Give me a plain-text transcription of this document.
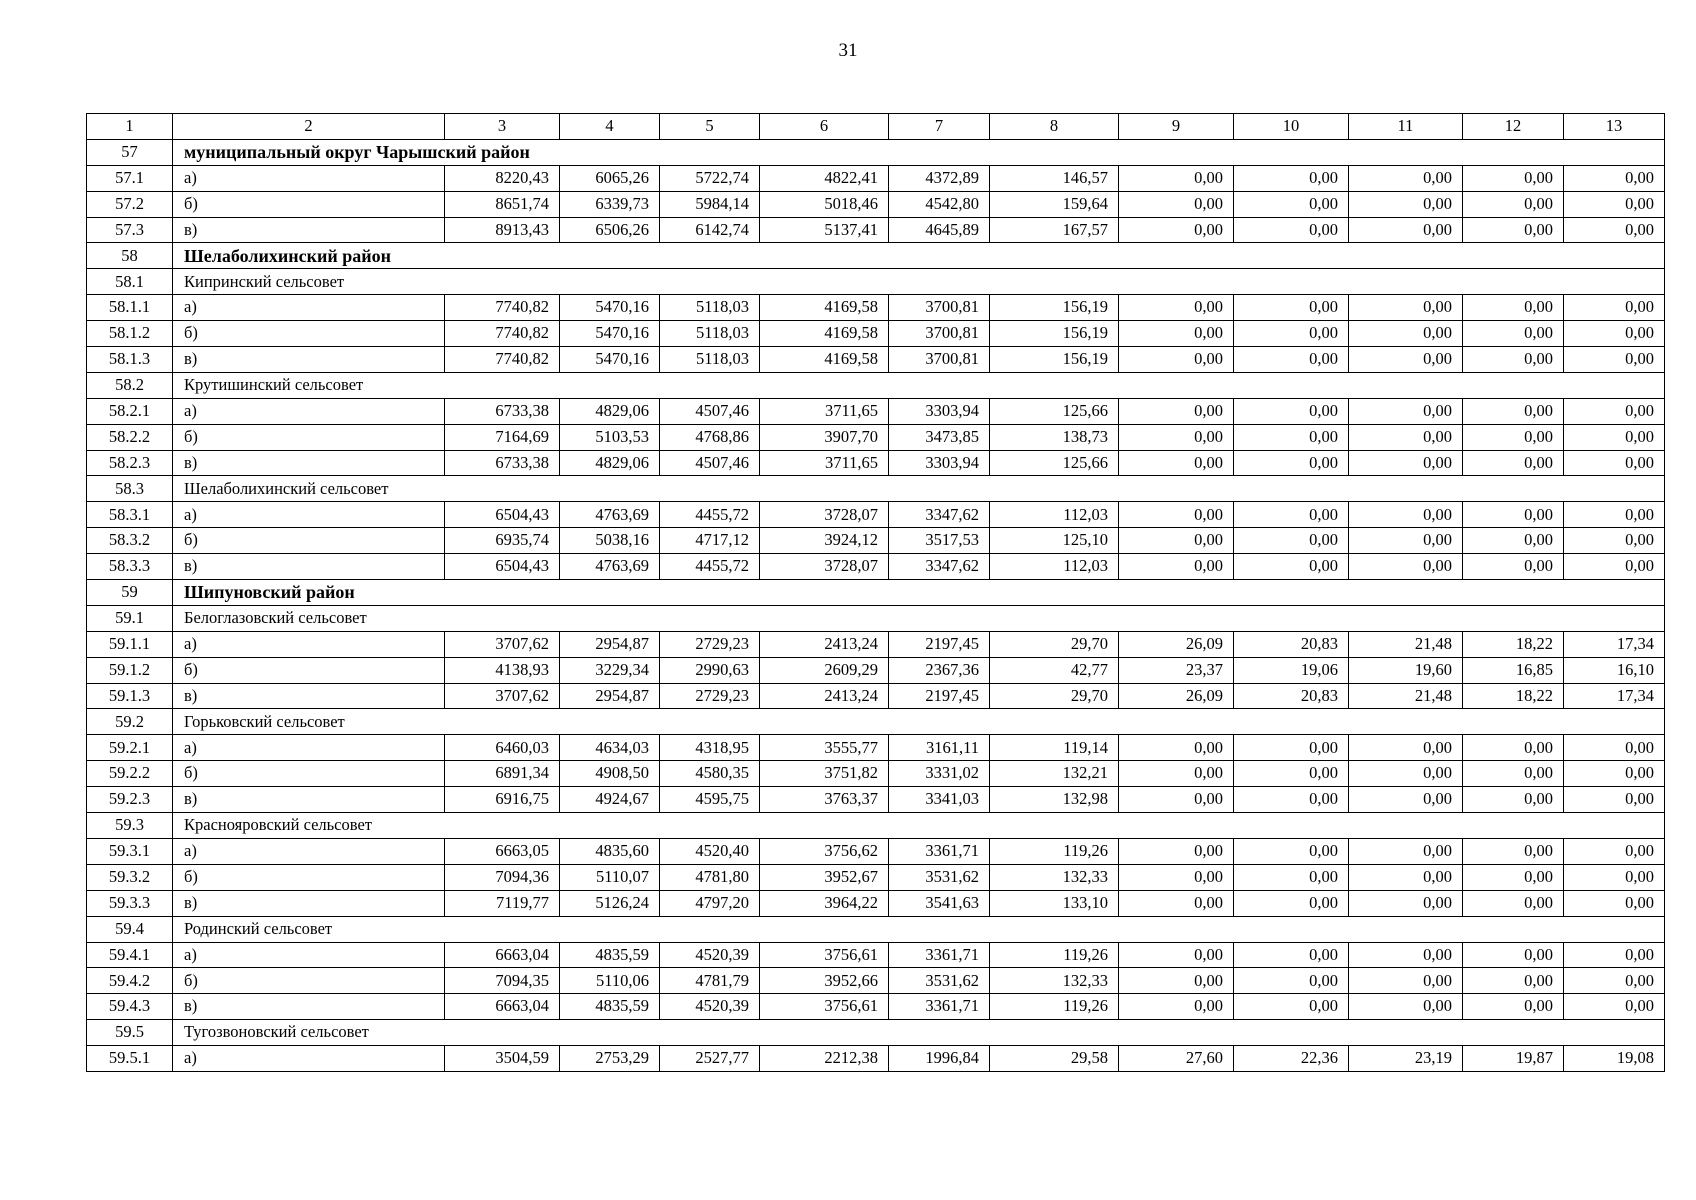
31
1	2	3	4	5	6	7	8	9	10	11	12	13
57	муниципальный округ Чарышский район											
57.1	а)	8220,43	6065,26	5722,74	4822,41	4372,89	146,57	0,00	0,00	0,00	0,00	0,00
57.2	б)	8651,74	6339,73	5984,14	5018,46	4542,80	159,64	0,00	0,00	0,00	0,00	0,00
57.3	в)	8913,43	6506,26	6142,74	5137,41	4645,89	167,57	0,00	0,00	0,00	0,00	0,00
58	Шелаболихинский район											
58.1	Кипринский сельсовет											
58.1.1	а)	7740,82	5470,16	5118,03	4169,58	3700,81	156,19	0,00	0,00	0,00	0,00	0,00
58.1.2	б)	7740,82	5470,16	5118,03	4169,58	3700,81	156,19	0,00	0,00	0,00	0,00	0,00
58.1.3	в)	7740,82	5470,16	5118,03	4169,58	3700,81	156,19	0,00	0,00	0,00	0,00	0,00
58.2	Крутишинский сельсовет											
58.2.1	а)	6733,38	4829,06	4507,46	3711,65	3303,94	125,66	0,00	0,00	0,00	0,00	0,00
58.2.2	б)	7164,69	5103,53	4768,86	3907,70	3473,85	138,73	0,00	0,00	0,00	0,00	0,00
58.2.3	в)	6733,38	4829,06	4507,46	3711,65	3303,94	125,66	0,00	0,00	0,00	0,00	0,00
58.3	Шелаболихинский сельсовет											
58.3.1	а)	6504,43	4763,69	4455,72	3728,07	3347,62	112,03	0,00	0,00	0,00	0,00	0,00
58.3.2	б)	6935,74	5038,16	4717,12	3924,12	3517,53	125,10	0,00	0,00	0,00	0,00	0,00
58.3.3	в)	6504,43	4763,69	4455,72	3728,07	3347,62	112,03	0,00	0,00	0,00	0,00	0,00
59	Шипуновский район											
59.1	Белоглазовский сельсовет											
59.1.1	а)	3707,62	2954,87	2729,23	2413,24	2197,45	29,70	26,09	20,83	21,48	18,22	17,34
59.1.2	б)	4138,93	3229,34	2990,63	2609,29	2367,36	42,77	23,37	19,06	19,60	16,85	16,10
59.1.3	в)	3707,62	2954,87	2729,23	2413,24	2197,45	29,70	26,09	20,83	21,48	18,22	17,34
59.2	Горьковский сельсовет											
59.2.1	а)	6460,03	4634,03	4318,95	3555,77	3161,11	119,14	0,00	0,00	0,00	0,00	0,00
59.2.2	б)	6891,34	4908,50	4580,35	3751,82	3331,02	132,21	0,00	0,00	0,00	0,00	0,00
59.2.3	в)	6916,75	4924,67	4595,75	3763,37	3341,03	132,98	0,00	0,00	0,00	0,00	0,00
59.3	Краснояровский сельсовет											
59.3.1	а)	6663,05	4835,60	4520,40	3756,62	3361,71	119,26	0,00	0,00	0,00	0,00	0,00
59.3.2	б)	7094,36	5110,07	4781,80	3952,67	3531,62	132,33	0,00	0,00	0,00	0,00	0,00
59.3.3	в)	7119,77	5126,24	4797,20	3964,22	3541,63	133,10	0,00	0,00	0,00	0,00	0,00
59.4	Родинский сельсовет											
59.4.1	а)	6663,04	4835,59	4520,39	3756,61	3361,71	119,26	0,00	0,00	0,00	0,00	0,00
59.4.2	б)	7094,35	5110,06	4781,79	3952,66	3531,62	132,33	0,00	0,00	0,00	0,00	0,00
59.4.3	в)	6663,04	4835,59	4520,39	3756,61	3361,71	119,26	0,00	0,00	0,00	0,00	0,00
59.5	Тугозвоновский сельсовет											
59.5.1	а)	3504,59	2753,29	2527,77	2212,38	1996,84	29,58	27,60	22,36	23,19	19,87	19,08
